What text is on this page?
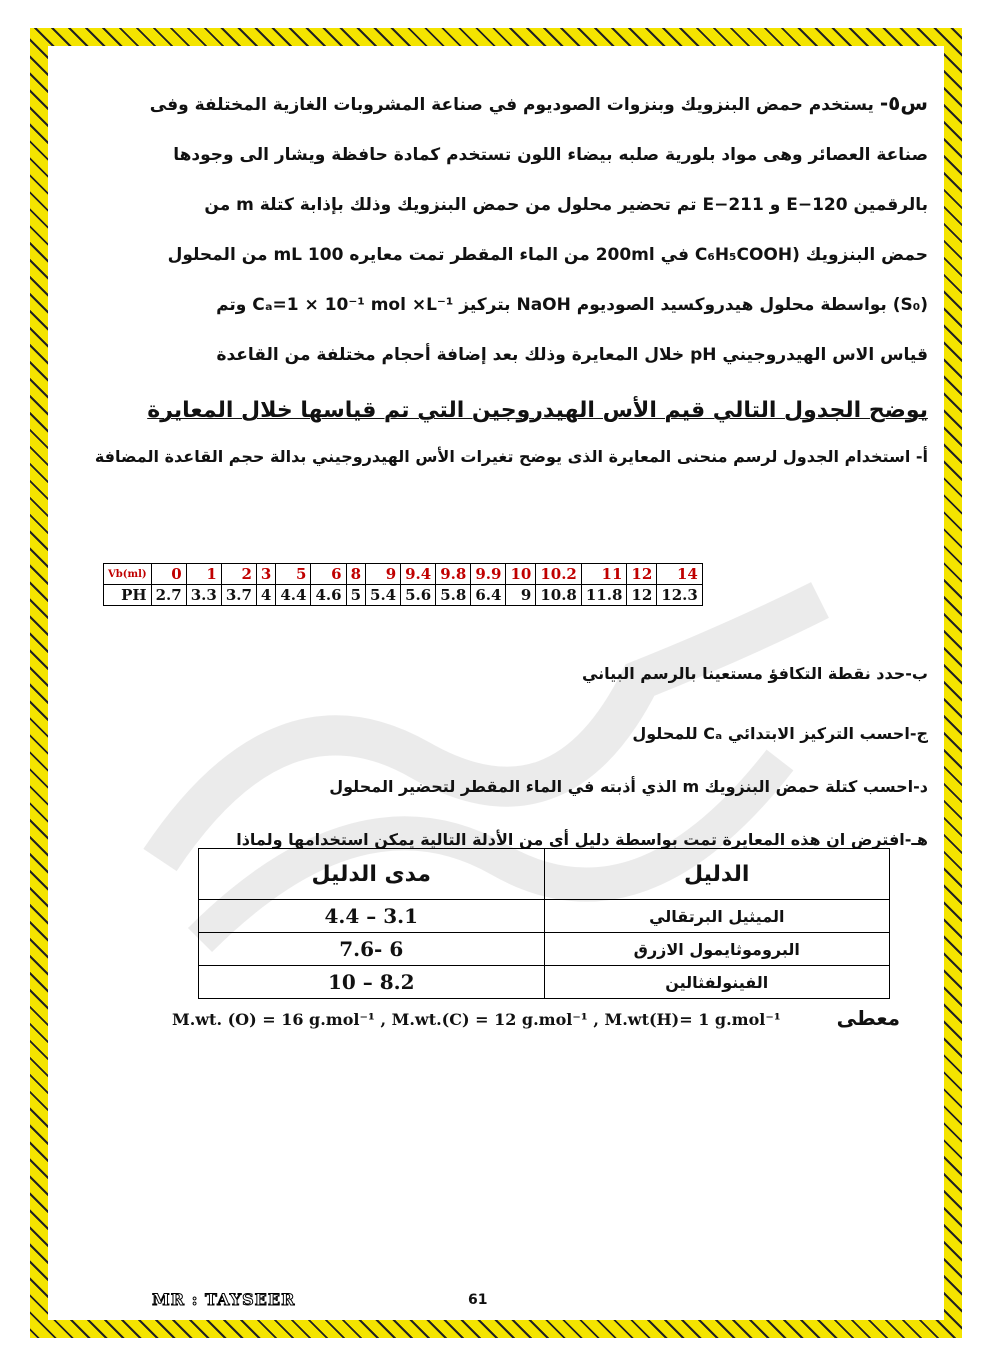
س٥- يستخدم حمض البنزويك وبنزوات الصوديوم في صناعة المشروبات الغازية المختلفة وفى
صناعة العصائر وهى مواد بلورية صلبه بيضاء اللون تستخدم كمادة حافظة ويشار الى وجودها
بالرقمين E−120 و E−211 تم تحضير محلول من حمض البنزويك وذلك بإذابة كتلة m من
حمض البنزويك (C₆H₅COOH في 200ml من الماء المقطر تمت معايره 100 mL من المحلول
(S₀) بواسطة محلول هيدروكسيد الصوديوم NaOH بتركيز Cₐ=1 × 10⁻¹ mol ×L⁻¹ وتم
قياس الاس الهيدروجيني pH خلال المعايرة وذلك بعد إضافة أحجام مختلفة من القاعدة
يوضح الجدول التالي قيم الأس الهيدروجين التي تم قياسها خلال المعايرة
أ- استخدام الجدول لرسم منحنى المعايرة الذى يوضح تغيرات الأس الهيدروجيني بدالة حجم القاعدة المضافة
Vb(ml)	0	1	2	3	5	6	8	9	9.4	9.8	9.9	10	10.2	11	12	14
PH	2.7	3.3	3.7	4	4.4	4.6	5	5.4	5.6	5.8	6.4	9	10.8	11.8	12	12.3
ب-حدد نقطة التكافؤ مستعينا بالرسم البياني
ج-احسب التركيز الابتدائي Cₐ للمحلول
د-احسب كتلة حمض البنزويك m الذي أذبته في الماء المقطر لتحضير المحلول
هـ-افترض ان هذه المعايرة تمت بواسطة دليل أي من الأدلة التالية يمكن استخدامها ولماذا
الدليل	مدى الدليل
الميثيل البرتقالي	3.1 – 4.4
البروموثايمول الازرق	6 -7.6
الفينولفثالين	8.2 – 10
معطى
M.wt. (O) = 16 g.mol⁻¹ , M.wt.(C) = 12 g.mol⁻¹ , M.wt(H)= 1 g.mol⁻¹
MR : TAYSEER	61
